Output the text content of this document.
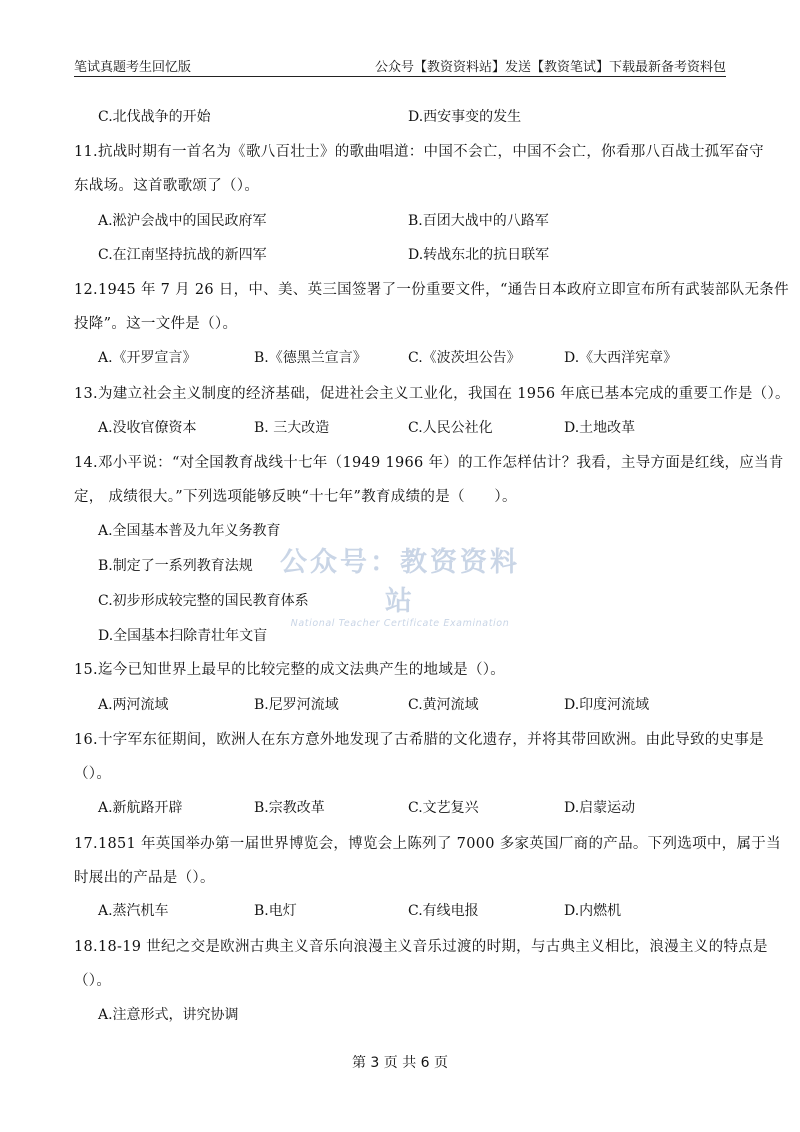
笔试真题考生回忆版	公众号【教资资料站】发送【教资笔试】下载最新备考资料包
公众号：教资资料站
National Teacher Certificate Examination
C.北伐战争的开始	D.西安事变的发生
11.抗战时期有一首名为《歌八百壮士》的歌曲唱道：中国不会亡，中国不会亡，你看那八百战士孤军奋守
东战场。这首歌歌颂了（）。
A.淞沪会战中的国民政府军	B.百团大战中的八路军
C.在江南坚持抗战的新四军	D.转战东北的抗日联军
12.1945 年 7 月 26 日，中、美、英三国签署了一份重要文件，“通告日本政府立即宣布所有武装部队无条件
投降”。这一文件是（）。
A.《开罗宣言》	B.《德黑兰宣言》	C.《波茨坦公告》	D.《大西洋宪章》
13.为建立社会主义制度的经济基础，促进社会主义工业化，我国在 1956 年底已基本完成的重要工作是（）。
A.没收官僚资本	B. 三大改造	C.人民公社化	D.土地改革
14.邓小平说：“对全国教育战线十七年（1949 1966 年）的工作怎样估计？我看，主导方面是红线，应当肯
定， 成绩很大。”下列选项能够反映“十七年”教育成绩的是（　　）。
A.全国基本普及九年义务教育
B.制定了一系列教育法规
C.初步形成较完整的国民教育体系
D.全国基本扫除青壮年文盲
15.迄今已知世界上最早的比较完整的成文法典产生的地域是（）。
A.两河流域	B.尼罗河流域	C.黄河流域	D.印度河流域
16.十字军东征期间，欧洲人在东方意外地发现了古希腊的文化遗存，并将其带回欧洲。由此导致的史事是
（）。
A.新航路开辟	B.宗教改革	C.文艺复兴	D.启蒙运动
17.1851 年英国举办第一届世界博览会，博览会上陈列了 7000 多家英国厂商的产品。下列选项中，属于当
时展出的产品是（）。
A.蒸汽机车	B.电灯	C.有线电报	D.内燃机
18.18-19 世纪之交是欧洲古典主义音乐向浪漫主义音乐过渡的时期，与古典主义相比，浪漫主义的特点是
（）。
A.注意形式，讲究协调
第 3 页 共 6 页
